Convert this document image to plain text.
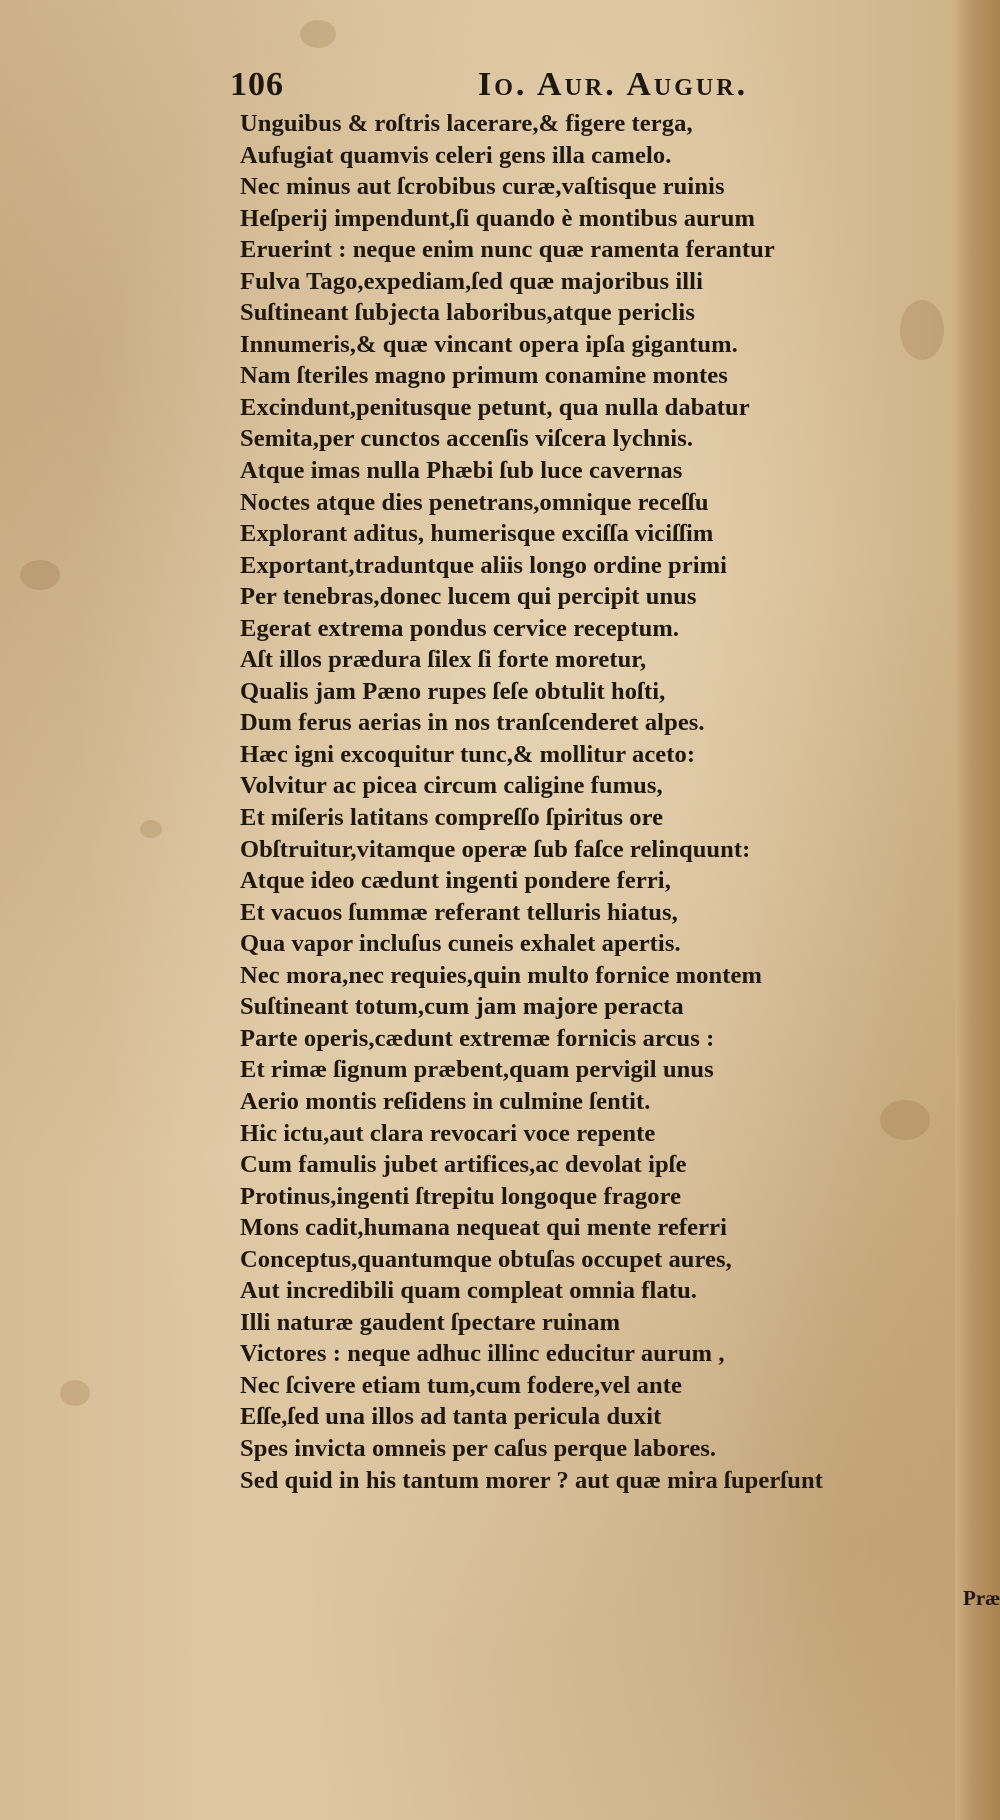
106	Io. Aur. Augur.
Unguibus & roſtris lacerare,& figere terga,
Aufugiat quamvis celeri gens illa camelo.
Nec minus aut ſcrobibus curæ,vaſtisque ruinis
Heſperij impendunt,ſi quando è montibus aurum
Eruerint : neque enim nunc quæ ramenta ferantur
Fulva Tago,expediam,ſed quæ majoribus illi
Suſtineant ſubjecta laboribus,atque periclis
Innumeris,& quæ vincant opera ipſa gigantum.
Nam ſteriles magno primum conamine montes
Excindunt,penitusque petunt, qua nulla dabatur
Semita,per cunctos accenſis viſcera lychnis.
Atque imas nulla Phæbi ſub luce cavernas
Noctes atque dies penetrans,omnique receſſu
Explorant aditus, humerisque exciſſa viciſſim
Exportant,traduntque aliis longo ordine primi
Per tenebras,donec lucem qui percipit unus
Egerat extrema pondus cervice receptum.
Aſt illos prædura ſilex ſi forte moretur,
Qualis jam Pæno rupes ſeſe obtulit hoſti,
Dum ferus aerias in nos tranſcenderet alpes.
Hæc igni excoquitur tunc,& mollitur aceto:
Volvitur ac picea circum caligine fumus,
Et miſeris latitans compreſſo ſpiritus ore
Obſtruitur,vitamque operæ ſub faſce relinquunt:
Atque ideo cædunt ingenti pondere ferri,
Et vacuos ſummæ referant telluris hiatus,
Qua vapor incluſus cuneis exhalet apertis.
Nec mora,nec requies,quin multo fornice montem
Suſtineant totum,cum jam majore peracta
Parte operis,cædunt extremæ fornicis arcus :
Et rimæ ſignum præbent,quam pervigil unus
Aerio montis reſidens in culmine ſentit.
Hic ictu,aut clara revocari voce repente
Cum famulis jubet artifices,ac devolat ipſe
Protinus,ingenti ſtrepitu longoque fragore
Mons cadit,humana nequeat qui mente referri
Conceptus,quantumque obtuſas occupet aures,
Aut incredibili quam compleat omnia flatu.
Illi naturæ gaudent ſpectare ruinam
Victores : neque adhuc illinc educitur aurum ,
Nec ſcivere etiam tum,cum fodere,vel ante
Eſſe,ſed una illos ad tanta pericula duxit
Spes invicta omneis per caſus perque labores.
Sed quid in his tantum morer ? aut quæ mira ſuperſunt
Præ
